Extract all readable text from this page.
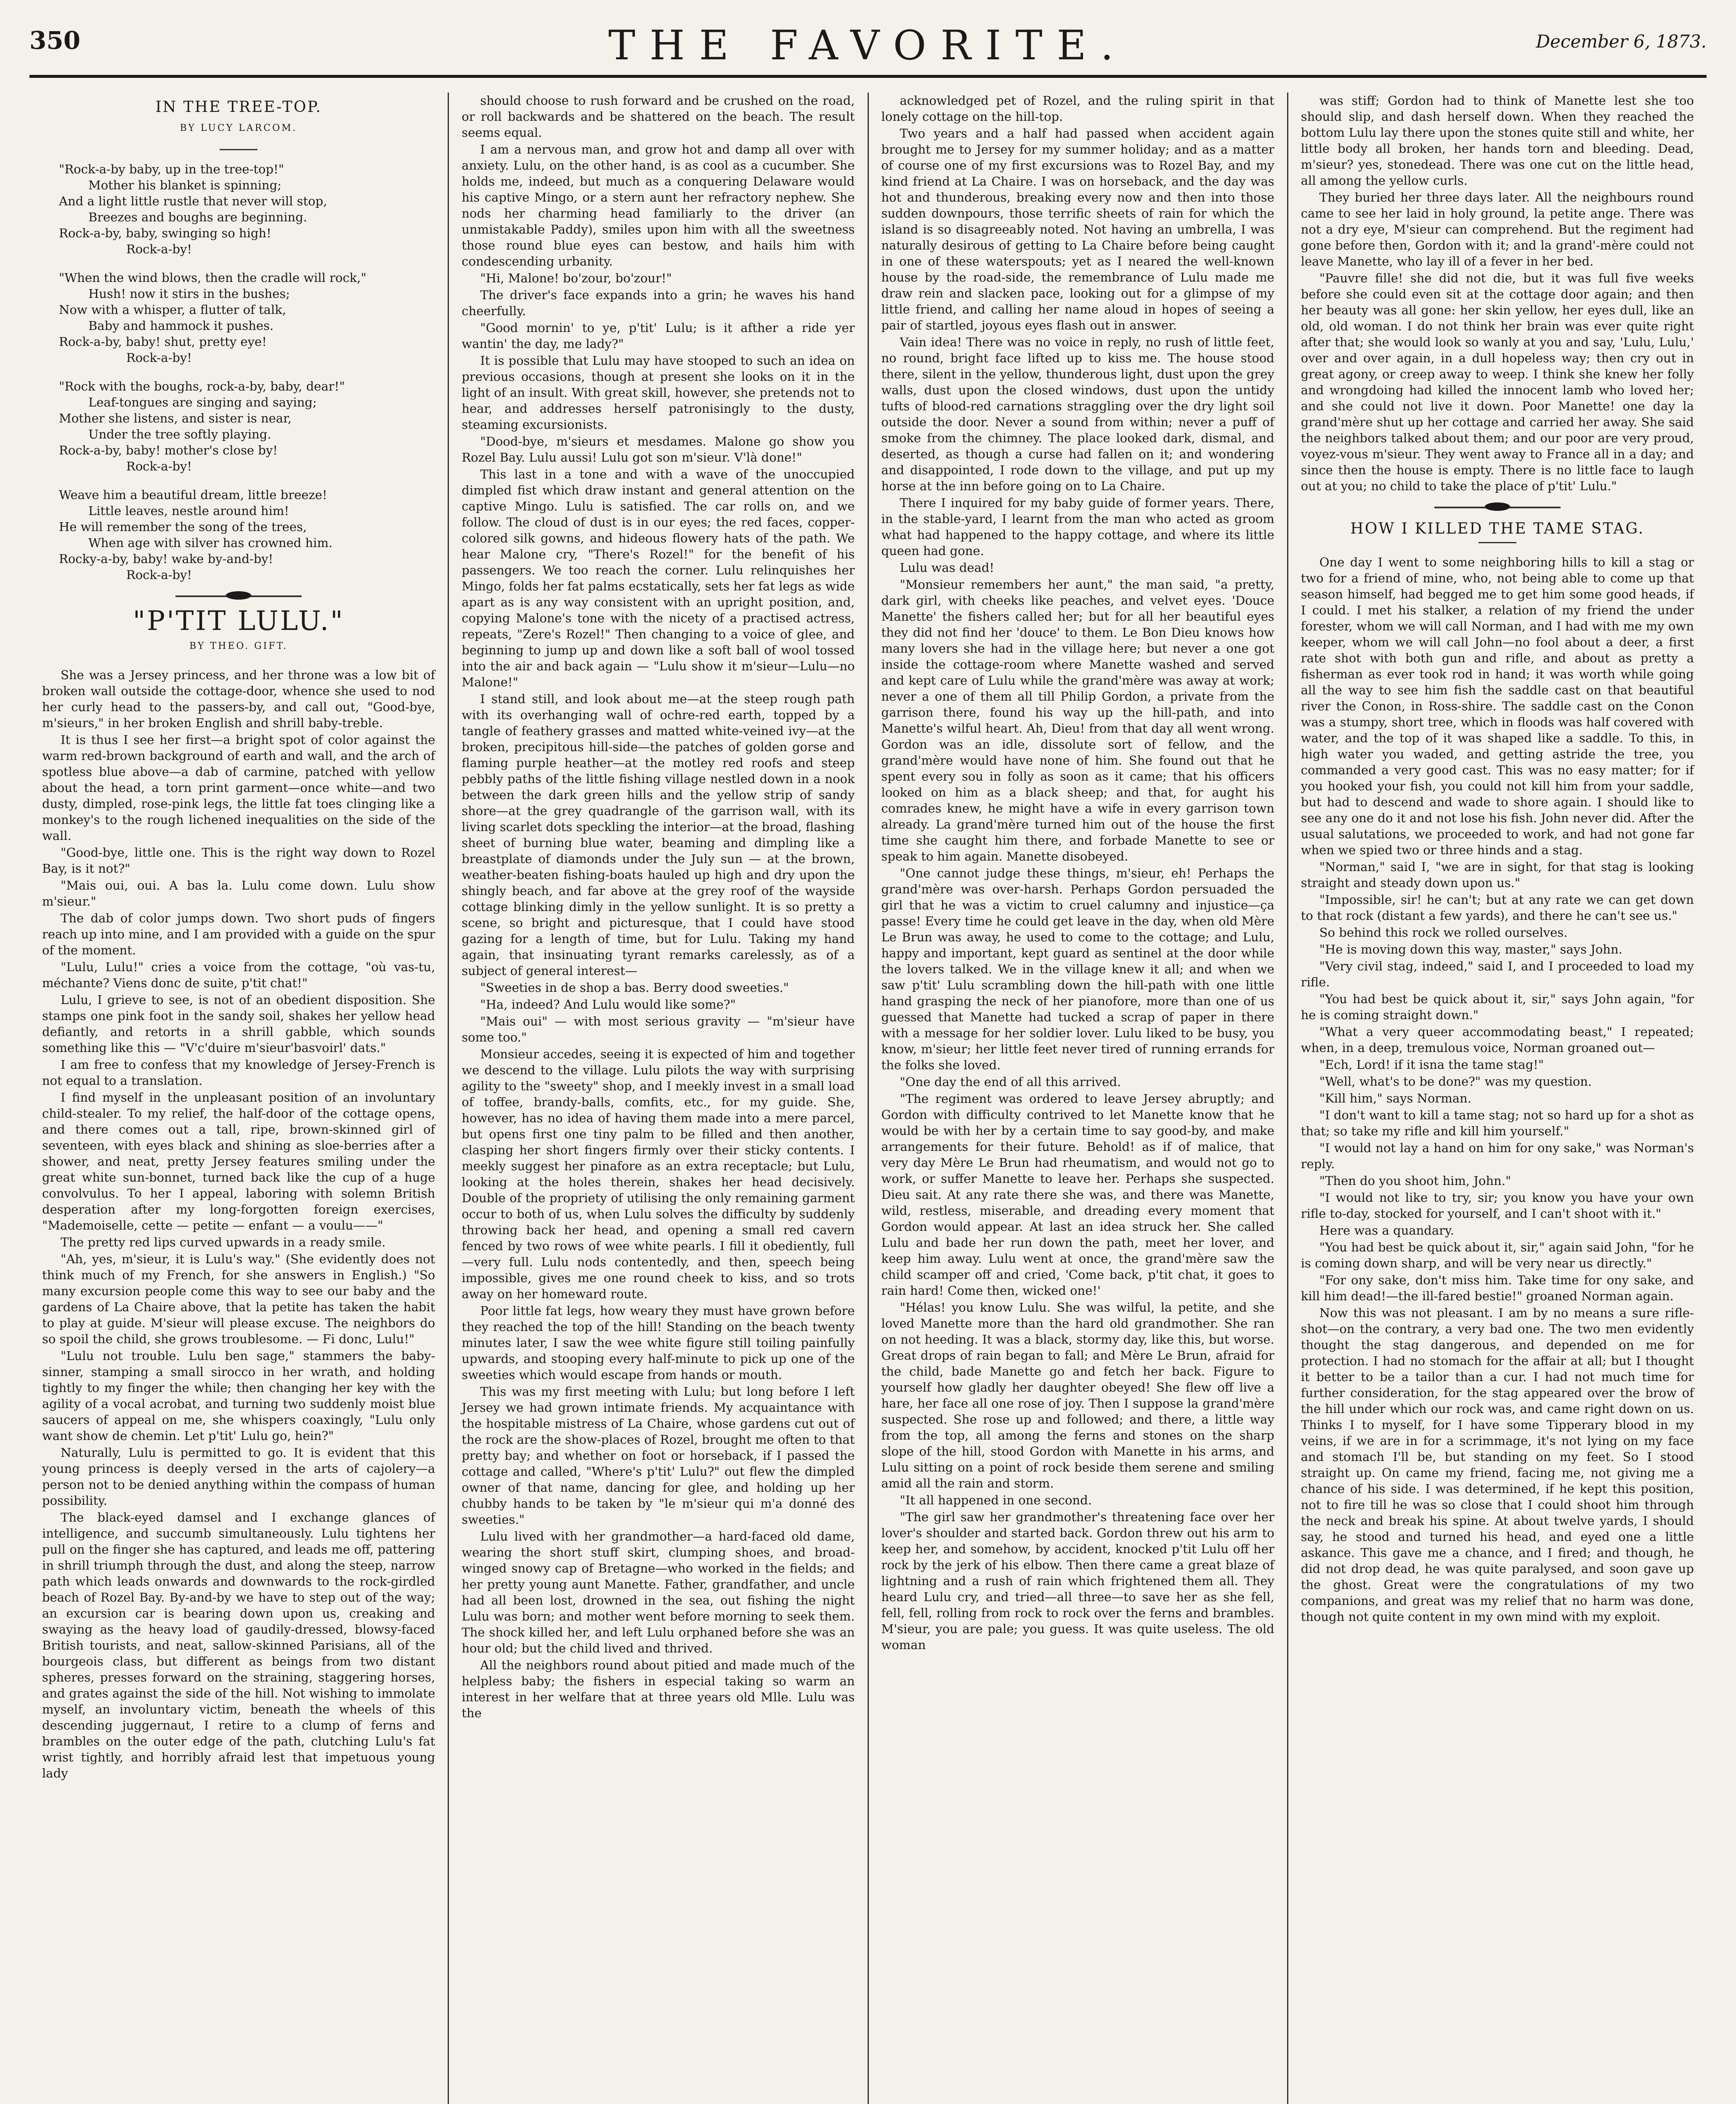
350	THE FAVORITE.	December 6, 1873.
IN THE TREE-TOP.
BY LUCY LARCOM.
"Rock-a-by baby, up in the tree-top!"
Mother his blanket is spinning;
And a light little rustle that never will stop,
Breezes and boughs are beginning.
Rock-a-by, baby, swinging so high!
Rock-a-by!
"When the wind blows, then the cradle will rock,"
Hush! now it stirs in the bushes;
Now with a whisper, a flutter of talk,
Baby and hammock it pushes.
Rock-a-by, baby! shut, pretty eye!
Rock-a-by!
"Rock with the boughs, rock-a-by, baby, dear!"
Leaf-tongues are singing and saying;
Mother she listens, and sister is near,
Under the tree softly playing.
Rock-a-by, baby! mother's close by!
Rock-a-by!
Weave him a beautiful dream, little breeze!
Little leaves, nestle around him!
He will remember the song of the trees,
When age with silver has crowned him.
Rocky-a-by, baby! wake by-and-by!
Rock-a-by!
"P'TIT LULU."
BY THEO. GIFT.

She was a Jersey princess, and her throne was a low bit of broken wall outside the cottage-door, whence she used to nod her curly head to the passers-by, and call out, "Good-bye, m'sieurs," in her broken English and shrill baby-treble.

It is thus I see her first—a bright spot of color against the warm red-brown background of earth and wall, and the arch of spotless blue above—a dab of carmine, patched with yellow about the head, a torn print garment—once white—and two dusty, dimpled, rose-pink legs, the little fat toes clinging like a monkey's to the rough lichened inequalities on the side of the wall.

"Good-bye, little one. This is the right way down to Rozel Bay, is it not?"

"Mais oui, oui. A bas la. Lulu come down. Lulu show m'sieur."

The dab of color jumps down. Two short puds of fingers reach up into mine, and I am provided with a guide on the spur of the moment.

"Lulu, Lulu!" cries a voice from the cottage, "où vas-tu, méchante? Viens donc de suite, p'tit chat!"

Lulu, I grieve to see, is not of an obedient disposition. She stamps one pink foot in the sandy soil, shakes her yellow head defiantly, and retorts in a shrill gabble, which sounds something like this — "V'c'duire m'sieur'basvoirl' dats."

I am free to confess that my knowledge of Jersey-French is not equal to a translation.

I find myself in the unpleasant position of an involuntary child-stealer. To my relief, the half-door of the cottage opens, and there comes out a tall, ripe, brown-skinned girl of seventeen, with eyes black and shining as sloe-berries after a shower, and neat, pretty Jersey features smiling under the great white sun-bonnet, turned back like the cup of a huge convolvulus. To her I appeal, laboring with solemn British desperation after my long-forgotten foreign exercises, "Mademoiselle, cette — petite — enfant — a voulu——"

The pretty red lips curved upwards in a ready smile.

"Ah, yes, m'sieur, it is Lulu's way." (She evidently does not think much of my French, for she answers in English.) "So many excursion people come this way to see our baby and the gardens of La Chaire above, that la petite has taken the habit to play at guide. M'sieur will please excuse. The neighbors do so spoil the child, she grows troublesome. — Fi donc, Lulu!"

"Lulu not trouble. Lulu ben sage," stammers the baby-sinner, stamping a small sirocco in her wrath, and holding tightly to my finger the while; then changing her key with the agility of a vocal acrobat, and turning two suddenly moist blue saucers of appeal on me, she whispers coaxingly, "Lulu only want show de chemin. Let p'tit' Lulu go, hein?"

Naturally, Lulu is permitted to go. It is evident that this young princess is deeply versed in the arts of cajolery—a person not to be denied anything within the compass of human possibility.

The black-eyed damsel and I exchange glances of intelligence, and succumb simultaneously. Lulu tightens her pull on the finger she has captured, and leads me off, pattering in shrill triumph through the dust, and along the steep, narrow path which leads onwards and downwards to the rock-girdled beach of Rozel Bay. By-and-by we have to step out of the way; an excursion car is bearing down upon us, creaking and swaying as the heavy load of gaudily-dressed, blowsy-faced British tourists, and neat, sallow-skinned Parisians, all of the bourgeois class, but different as beings from two distant spheres, presses forward on the straining, staggering horses, and grates against the side of the hill. Not wishing to immolate myself, an involuntary victim, beneath the wheels of this descending juggernaut, I retire to a clump of ferns and brambles on the outer edge of the path, clutching Lulu's fat wrist tightly, and horribly afraid lest that impetuous young lady

should choose to rush forward and be crushed on the road, or roll backwards and be shattered on the beach. The result seems equal.

I am a nervous man, and grow hot and damp all over with anxiety. Lulu, on the other hand, is as cool as a cucumber. She holds me, indeed, but much as a conquering Delaware would his captive Mingo, or a stern aunt her refractory nephew. She nods her charming head familiarly to the driver (an unmistakable Paddy), smiles upon him with all the sweetness those round blue eyes can bestow, and hails him with condescending urbanity.

"Hi, Malone! bo'zour, bo'zour!"

The driver's face expands into a grin; he waves his hand cheerfully.

"Good mornin' to ye, p'tit' Lulu; is it afther a ride yer wantin' the day, me lady?"

It is possible that Lulu may have stooped to such an idea on previous occasions, though at present she looks on it in the light of an insult. With great skill, however, she pretends not to hear, and addresses herself patronisingly to the dusty, steaming excursionists.

"Dood-bye, m'sieurs et mesdames. Malone go show you Rozel Bay. Lulu aussi! Lulu got son m'sieur. V'là done!"

This last in a tone and with a wave of the unoccupied dimpled fist which draw instant and general attention on the captive Mingo. Lulu is satisfied. The car rolls on, and we follow. The cloud of dust is in our eyes; the red faces, copper-colored silk gowns, and hideous flowery hats of the path. We hear Malone cry, "There's Rozel!" for the benefit of his passengers. We too reach the corner. Lulu relinquishes her Mingo, folds her fat palms ecstatically, sets her fat legs as wide apart as is any way consistent with an upright position, and, copying Malone's tone with the nicety of a practised actress, repeats, "Zere's Rozel!" Then changing to a voice of glee, and beginning to jump up and down like a soft ball of wool tossed into the air and back again — "Lulu show it m'sieur—Lulu—no Malone!"

I stand still, and look about me—at the steep rough path with its overhanging wall of ochre-red earth, topped by a tangle of feathery grasses and matted white-veined ivy—at the broken, precipitous hill-side—the patches of golden gorse and flaming purple heather—at the motley red roofs and steep pebbly paths of the little fishing village nestled down in a nook between the dark green hills and the yellow strip of sandy shore—at the grey quadrangle of the garrison wall, with its living scarlet dots speckling the interior—at the broad, flashing sheet of burning blue water, beaming and dimpling like a breastplate of diamonds under the July sun — at the brown, weather-beaten fishing-boats hauled up high and dry upon the shingly beach, and far above at the grey roof of the wayside cottage blinking dimly in the yellow sunlight. It is so pretty a scene, so bright and picturesque, that I could have stood gazing for a length of time, but for Lulu. Taking my hand again, that insinuating tyrant remarks carelessly, as of a subject of general interest—

"Sweeties in de shop a bas. Berry dood sweeties."

"Ha, indeed? And Lulu would like some?"

"Mais oui" — with most serious gravity — "m'sieur have some too."

Monsieur accedes, seeing it is expected of him and together we descend to the village. Lulu pilots the way with surprising agility to the "sweety" shop, and I meekly invest in a small load of toffee, brandy-balls, comfits, etc., for my guide. She, however, has no idea of having them made into a mere parcel, but opens first one tiny palm to be filled and then another, clasping her short fingers firmly over their sticky contents. I meekly suggest her pinafore as an extra receptacle; but Lulu, looking at the holes therein, shakes her head decisively. Double of the propriety of utilising the only remaining garment occur to both of us, when Lulu solves the difficulty by suddenly throwing back her head, and opening a small red cavern fenced by two rows of wee white pearls. I fill it obediently, full—very full. Lulu nods contentedly, and then, speech being impossible, gives me one round cheek to kiss, and so trots away on her homeward route.

Poor little fat legs, how weary they must have grown before they reached the top of the hill! Standing on the beach twenty minutes later, I saw the wee white figure still toiling painfully upwards, and stooping every half-minute to pick up one of the sweeties which would escape from hands or mouth.

This was my first meeting with Lulu; but long before I left Jersey we had grown intimate friends. My acquaintance with the hospitable mistress of La Chaire, whose gardens cut out of the rock are the show-places of Rozel, brought me often to that pretty bay; and whether on foot or horseback, if I passed the cottage and called, "Where's p'tit' Lulu?" out flew the dimpled owner of that name, dancing for glee, and holding up her chubby hands to be taken by "le m'sieur qui m'a donné des sweeties."

Lulu lived with her grandmother—a hard-faced old dame, wearing the short stuff skirt, clumping shoes, and broad-winged snowy cap of Bretagne—who worked in the fields; and her pretty young aunt Manette. Father, grandfather, and uncle had all been lost, drowned in the sea, out fishing the night Lulu was born; and mother went before morning to seek them. The shock killed her, and left Lulu orphaned before she was an hour old; but the child lived and thrived.

All the neighbors round about pitied and made much of the helpless baby; the fishers in especial taking so warm an interest in her welfare that at three years old Mlle. Lulu was the

acknowledged pet of Rozel, and the ruling spirit in that lonely cottage on the hill-top.

Two years and a half had passed when accident again brought me to Jersey for my summer holiday; and as a matter of course one of my first excursions was to Rozel Bay, and my kind friend at La Chaire. I was on horseback, and the day was hot and thunderous, breaking every now and then into those sudden downpours, those terrific sheets of rain for which the island is so disagreeably noted. Not having an umbrella, I was naturally desirous of getting to La Chaire before being caught in one of these waterspouts; yet as I neared the well-known house by the road-side, the remembrance of Lulu made me draw rein and slacken pace, looking out for a glimpse of my little friend, and calling her name aloud in hopes of seeing a pair of startled, joyous eyes flash out in answer.

Vain idea! There was no voice in reply, no rush of little feet, no round, bright face lifted up to kiss me. The house stood there, silent in the yellow, thunderous light, dust upon the grey walls, dust upon the closed windows, dust upon the untidy tufts of blood-red carnations straggling over the dry light soil outside the door. Never a sound from within; never a puff of smoke from the chimney. The place looked dark, dismal, and deserted, as though a curse had fallen on it; and wondering and disappointed, I rode down to the village, and put up my horse at the inn before going on to La Chaire.

There I inquired for my baby guide of former years. There, in the stable-yard, I learnt from the man who acted as groom what had happened to the happy cottage, and where its little queen had gone.

Lulu was dead!

"Monsieur remembers her aunt," the man said, "a pretty, dark girl, with cheeks like peaches, and velvet eyes. 'Douce Manette' the fishers called her; but for all her beautiful eyes they did not find her 'douce' to them. Le Bon Dieu knows how many lovers she had in the village here; but never a one got inside the cottage-room where Manette washed and served and kept care of Lulu while the grand'mère was away at work; never a one of them all till Philip Gordon, a private from the garrison there, found his way up the hill-path, and into Manette's wilful heart. Ah, Dieu! from that day all went wrong. Gordon was an idle, dissolute sort of fellow, and the grand'mère would have none of him. She found out that he spent every sou in folly as soon as it came; that his officers looked on him as a black sheep; and that, for aught his comrades knew, he might have a wife in every garrison town already. La grand'mère turned him out of the house the first time she caught him there, and forbade Manette to see or speak to him again. Manette disobeyed.

"One cannot judge these things, m'sieur, eh! Perhaps the grand'mère was over-harsh. Perhaps Gordon persuaded the girl that he was a victim to cruel calumny and injustice—ça passe! Every time he could get leave in the day, when old Mère Le Brun was away, he used to come to the cottage; and Lulu, happy and important, kept guard as sentinel at the door while the lovers talked. We in the village knew it all; and when we saw p'tit' Lulu scrambling down the hill-path with one little hand grasping the neck of her pianofore, more than one of us guessed that Manette had tucked a scrap of paper in there with a message for her soldier lover. Lulu liked to be busy, you know, m'sieur; her little feet never tired of running errands for the folks she loved.

"One day the end of all this arrived.

"The regiment was ordered to leave Jersey abruptly; and Gordon with difficulty contrived to let Manette know that he would be with her by a certain time to say good-by, and make arrangements for their future. Behold! as if of malice, that very day Mère Le Brun had rheumatism, and would not go to work, or suffer Manette to leave her. Perhaps she suspected. Dieu sait. At any rate there she was, and there was Manette, wild, restless, miserable, and dreading every moment that Gordon would appear. At last an idea struck her. She called Lulu and bade her run down the path, meet her lover, and keep him away. Lulu went at once, the grand'mère saw the child scamper off and cried, 'Come back, p'tit chat, it goes to rain hard! Come then, wicked one!'

"Hélas! you know Lulu. She was wilful, la petite, and she loved Manette more than the hard old grandmother. She ran on not heeding. It was a black, stormy day, like this, but worse. Great drops of rain began to fall; and Mère Le Brun, afraid for the child, bade Manette go and fetch her back. Figure to yourself how gladly her daughter obeyed! She flew off live a hare, her face all one rose of joy. Then I suppose la grand'mère suspected. She rose up and followed; and there, a little way from the top, all among the ferns and stones on the sharp slope of the hill, stood Gordon with Manette in his arms, and Lulu sitting on a point of rock beside them serene and smiling amid all the rain and storm.

"It all happened in one second.

"The girl saw her grandmother's threatening face over her lover's shoulder and started back. Gordon threw out his arm to keep her, and somehow, by accident, knocked p'tit Lulu off her rock by the jerk of his elbow. Then there came a great blaze of lightning and a rush of rain which frightened them all. They heard Lulu cry, and tried—all three—to save her as she fell, fell, fell, rolling from rock to rock over the ferns and brambles. M'sieur, you are pale; you guess. It was quite useless. The old woman

was stiff; Gordon had to think of Manette lest she too should slip, and dash herself down. When they reached the bottom Lulu lay there upon the stones quite still and white, her little body all broken, her hands torn and bleeding. Dead, m'sieur? yes, stonedead. There was one cut on the little head, all among the yellow curls.

They buried her three days later. All the neighbours round came to see her laid in holy ground, la petite ange. There was not a dry eye, M'sieur can comprehend. But the regiment had gone before then, Gordon with it; and la grand'-mère could not leave Manette, who lay ill of a fever in her bed.

"Pauvre fille! she did not die, but it was full five weeks before she could even sit at the cottage door again; and then her beauty was all gone: her skin yellow, her eyes dull, like an old, old woman. I do not think her brain was ever quite right after that; she would look so wanly at you and say, 'Lulu, Lulu,' over and over again, in a dull hopeless way; then cry out in great agony, or creep away to weep. I think she knew her folly and wrongdoing had killed the innocent lamb who loved her; and she could not live it down. Poor Manette! one day la grand'mère shut up her cottage and carried her away. She said the neighbors talked about them; and our poor are very proud, voyez-vous m'sieur. They went away to France all in a day; and since then the house is empty. There is no little face to laugh out at you; no child to take the place of p'tit' Lulu."

HOW I KILLED THE TAME STAG.

One day I went to some neighboring hills to kill a stag or two for a friend of mine, who, not being able to come up that season himself, had begged me to get him some good heads, if I could. I met his stalker, a relation of my friend the under forester, whom we will call Norman, and I had with me my own keeper, whom we will call John—no fool about a deer, a first rate shot with both gun and rifle, and about as pretty a fisherman as ever took rod in hand; it was worth while going all the way to see him fish the saddle cast on that beautiful river the Conon, in Ross-shire. The saddle cast on the Conon was a stumpy, short tree, which in floods was half covered with water, and the top of it was shaped like a saddle. To this, in high water you waded, and getting astride the tree, you commanded a very good cast. This was no easy matter; for if you hooked your fish, you could not kill him from your saddle, but had to descend and wade to shore again. I should like to see any one do it and not lose his fish. John never did. After the usual salutations, we proceeded to work, and had not gone far when we spied two or three hinds and a stag.

"Norman," said I, "we are in sight, for that stag is looking straight and steady down upon us."

"Impossible, sir! he can't; but at any rate we can get down to that rock (distant a few yards), and there he can't see us."

So behind this rock we rolled ourselves.

"He is moving down this way, master," says John.

"Very civil stag, indeed," said I, and I proceeded to load my rifle.

"You had best be quick about it, sir," says John again, "for he is coming straight down."

"What a very queer accommodating beast," I repeated; when, in a deep, tremulous voice, Norman groaned out—

"Ech, Lord! if it isna the tame stag!"

"Well, what's to be done?" was my question.

"Kill him," says Norman.

"I don't want to kill a tame stag; not so hard up for a shot as that; so take my rifle and kill him yourself."

"I would not lay a hand on him for ony sake," was Norman's reply.

"Then do you shoot him, John."

"I would not like to try, sir; you know you have your own rifle to-day, stocked for yourself, and I can't shoot with it."

Here was a quandary.

"You had best be quick about it, sir," again said John, "for he is coming down sharp, and will be very near us directly."

"For ony sake, don't miss him. Take time for ony sake, and kill him dead!—the ill-fared bestie!" groaned Norman again.

Now this was not pleasant. I am by no means a sure rifle-shot—on the contrary, a very bad one. The two men evidently thought the stag dangerous, and depended on me for protection. I had no stomach for the affair at all; but I thought it better to be a tailor than a cur. I had not much time for further consideration, for the stag appeared over the brow of the hill under which our rock was, and came right down on us. Thinks I to myself, for I have some Tipperary blood in my veins, if we are in for a scrimmage, it's not lying on my face and stomach I'll be, but standing on my feet. So I stood straight up. On came my friend, facing me, not giving me a chance of his side. I was determined, if he kept this position, not to fire till he was so close that I could shoot him through the neck and break his spine. At about twelve yards, I should say, he stood and turned his head, and eyed one a little askance. This gave me a chance, and I fired; and though, he did not drop dead, he was quite paralysed, and soon gave up the ghost. Great were the congratulations of my two companions, and great was my relief that no harm was done, though not quite content in my own mind with my exploit.
